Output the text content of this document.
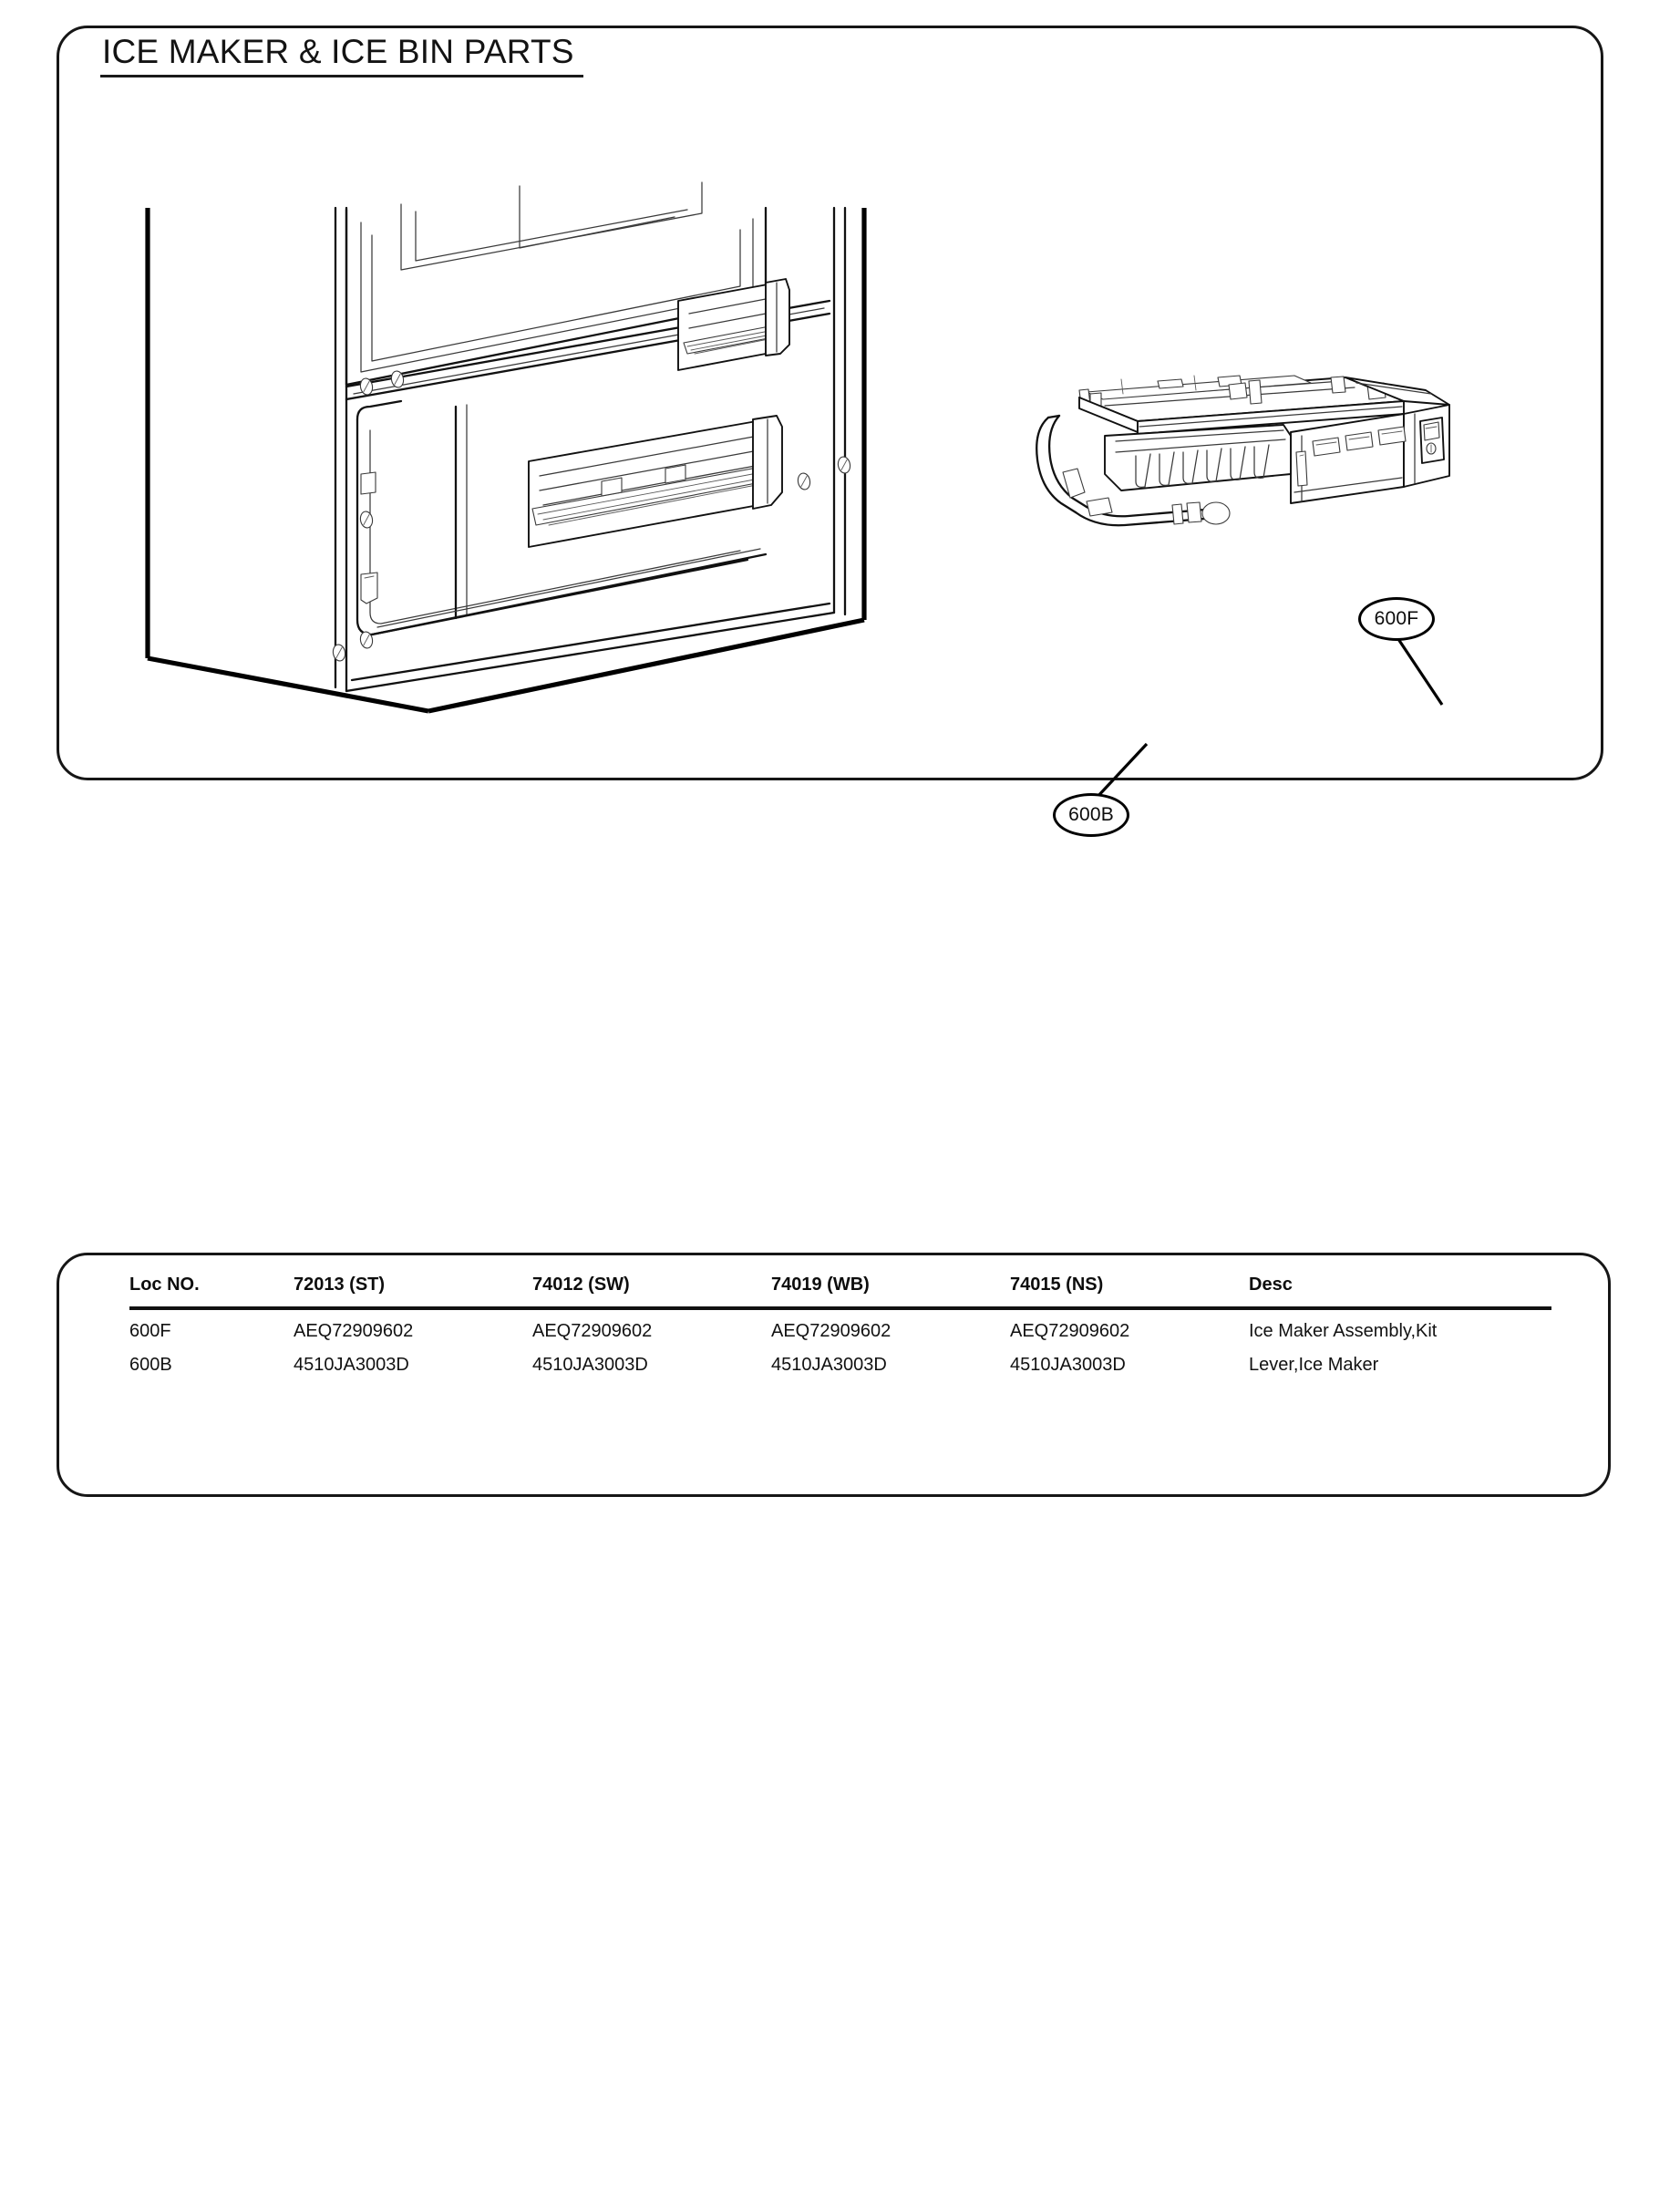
ICE MAKER & ICE BIN PARTS
600F
600B
Loc NO.	72013 (ST)	74012 (SW)	74019 (WB)	74015 (NS)	Desc
600F	AEQ72909602	AEQ72909602	AEQ72909602	AEQ72909602	Ice Maker Assembly,Kit
600B	4510JA3003D	4510JA3003D	4510JA3003D	4510JA3003D	Lever,Ice Maker
